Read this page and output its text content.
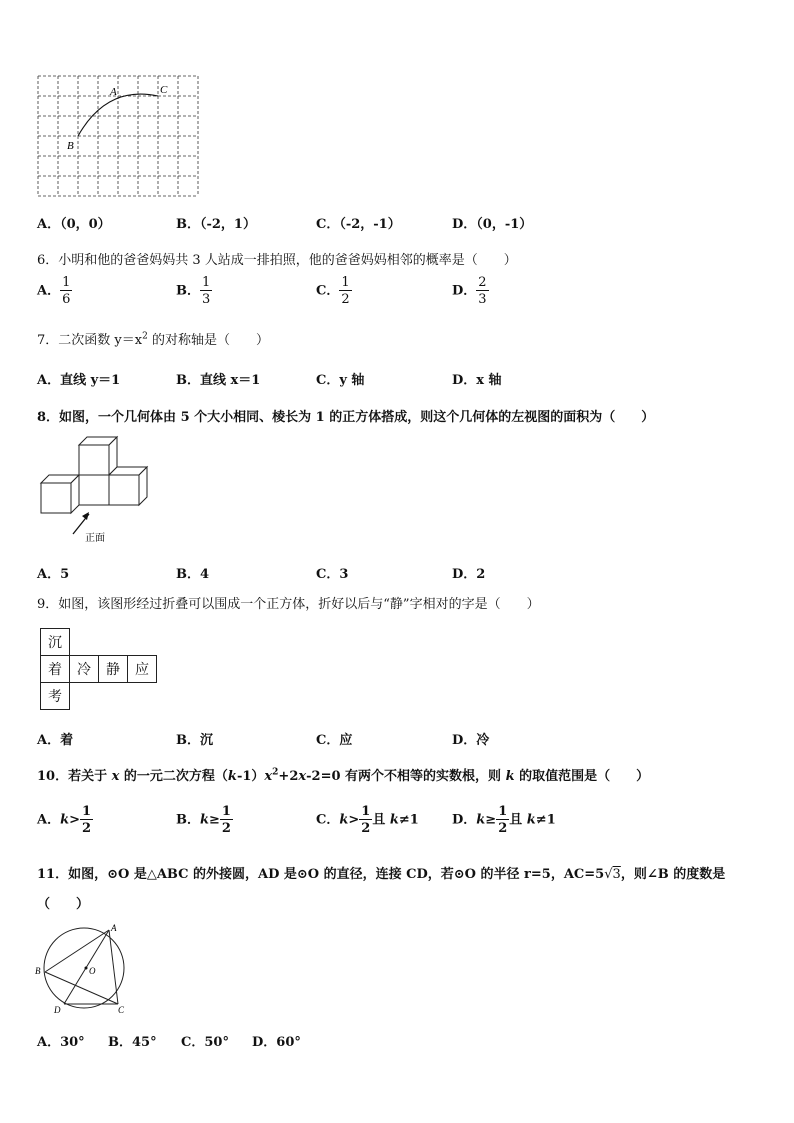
A	C
B
A．（0，0）	B．（-2，1）	C．（-2，-1）	D．（0，-1）
6．小明和他的爸爸妈妈共 3 人站成一排拍照，他的爸爸妈妈相邻的概率是（　　）
A． $\frac{1}{6}$	B． $\frac{1}{3}$	C． $\frac{1}{2}$	D． $\frac{2}{3}$
7．二次函数 $y=x^2$ 的对称轴是（　　）
A．直线 y＝1	B．直线 x＝1	C．y 轴	D．x 轴
8．如图，一个几何体由 5 个大小相同、棱长为 1 的正方体搭成，则这个几何体的左视图的面积为（　　）
正面
A．5	B．4	C．3	D．2
9．如图，该图形经过折叠可以围成一个正方体，折好以后与“静”字相对的字是（　　）
沉			
着	冷	静	应
考			
A．着	B．沉	C．应	D．冷
10．若关于 x 的一元二次方程$(k-1)x^2+2x-2=0$ 有两个不相等的实数根，则 k 的取值范围是（　　）
A．$k> \frac{1}{2}$	B．$k\ge \frac{1}{2}$	C．$k> \frac{1}{2}$ 且 k≠1	D．$k\ge \frac{1}{2}$ 且 k≠1
11．如图，⊙O 是△ABC 的外接圆，AD 是⊙O 的直径，连接 CD，若⊙O 的半径 r=5，AC=5√3，则∠B 的度数是
（　　）
A
B	O
D	C
A．30° B．45° C．50° D．60°
